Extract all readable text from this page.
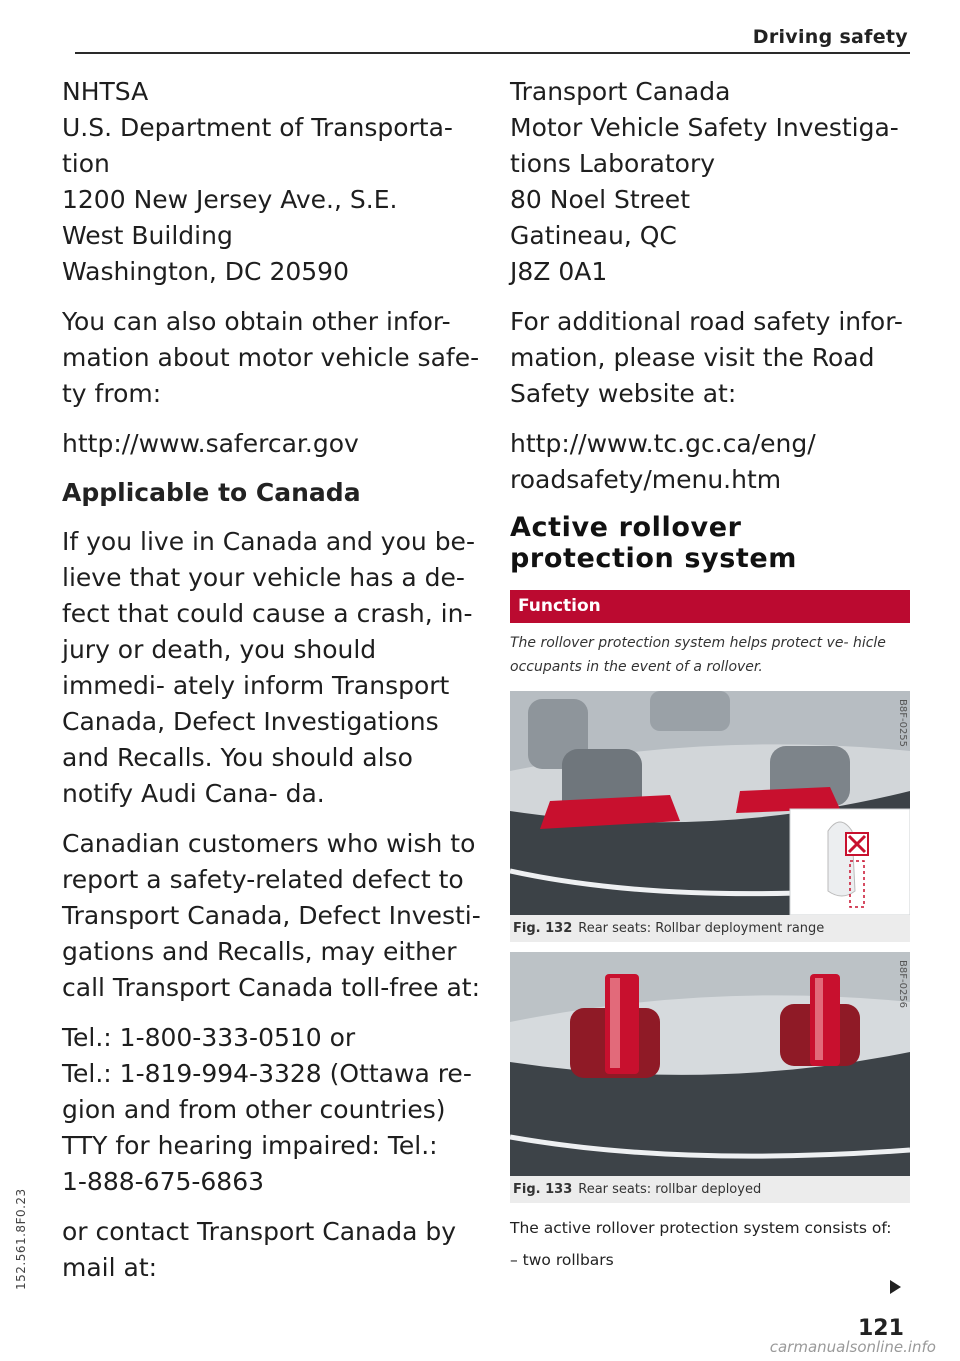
Driving safety
NHTSA
U.S. Department of Transporta-
tion
1200 New Jersey Ave., S.E.
West Building
Washington, DC 20590

You can also obtain other infor- mation about motor vehicle safe- ty from:

http://www.safercar.gov

Applicable to Canada

If you live in Canada and you be- lieve that your vehicle has a de- fect that could cause a crash, in- jury or death, you should immedi- ately inform Transport Canada, Defect Investigations and Recalls. You should also notify Audi Cana- da.

Canadian customers who wish to report a safety-related defect to Transport Canada, Defect Investi- gations and Recalls, may either call Transport Canada toll-free at:

Tel.: 1-800-333-0510 or
Tel.: 1-819-994-3328 (Ottawa re-
gion and from other countries)
TTY for hearing impaired: Tel.:
1-888-675-6863

or contact Transport Canada by mail at:

Transport Canada
Motor Vehicle Safety Investiga-
tions Laboratory
80 Noel Street
Gatineau, QC
J8Z 0A1

For additional road safety infor- mation, please visit the Road Safety website at:

http://www.tc.gc.ca/eng/
roadsafety/menu.htm
Active rollover protection system
Function

The rollover protection system helps protect ve- hicle occupants in the event of a rollover.

B8F-0255
Fig. 132 Rear seats: Rollbar deployment range
B8F-0256
Fig. 133 Rear seats: rollbar deployed

The active rollover protection system consists of:

– two rollbars
121
152.561.8F0.23
carmanualsonline.info
